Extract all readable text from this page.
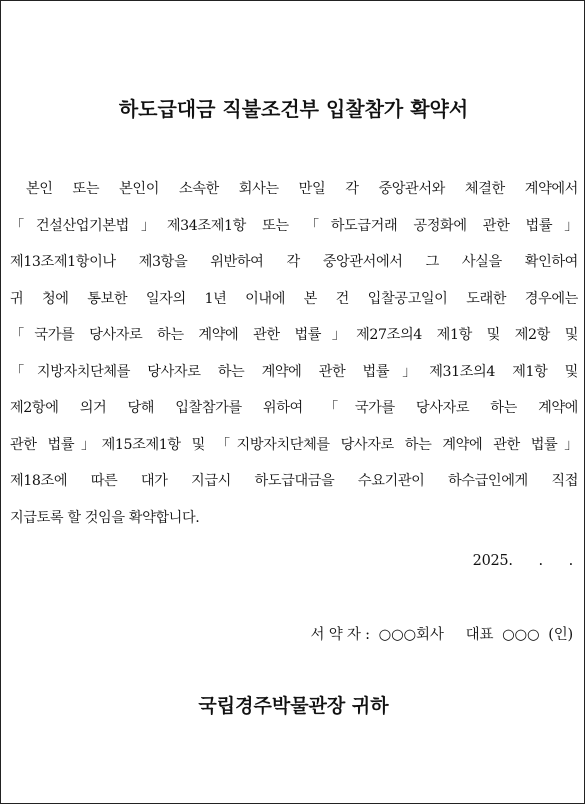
하도급대금 직불조건부 입찰참가 확약서
본인 또는 본인이 소속한 회사는 만일 각 중앙관서와 체결한 계약에서
「건설산업기본법」제34조제1항 또는 「하도급거래 공정화에 관한 법률」
제13조제1항이나 제3항을 위반하여 각 중앙관서에서 그 사실을 확인하여
귀 청에 통보한 일자의 1년 이내에 본 건 입찰공고일이 도래한 경우에는
「국가를 당사자로 하는 계약에 관한 법률」제27조의4 제1항 및 제2항 및
「지방자치단체를 당사자로 하는 계약에 관한 법률」제31조의4 제1항 및
제2항에 의거 당해 입찰참가를 위하여 「국가를 당사자로 하는 계약에
관한 법률」제15조제1항 및 「지방자치단체를 당사자로 하는 계약에 관한 법률」
제18조에 따른 대가 지급시 하도급대금을 수요기관이 하수급인에게 직접
지급토록 할 것임을 확약합니다.
2025.      .      .
서 약 자 :  ○○○회사     대표  ○○○  (인)
국립경주박물관장 귀하
